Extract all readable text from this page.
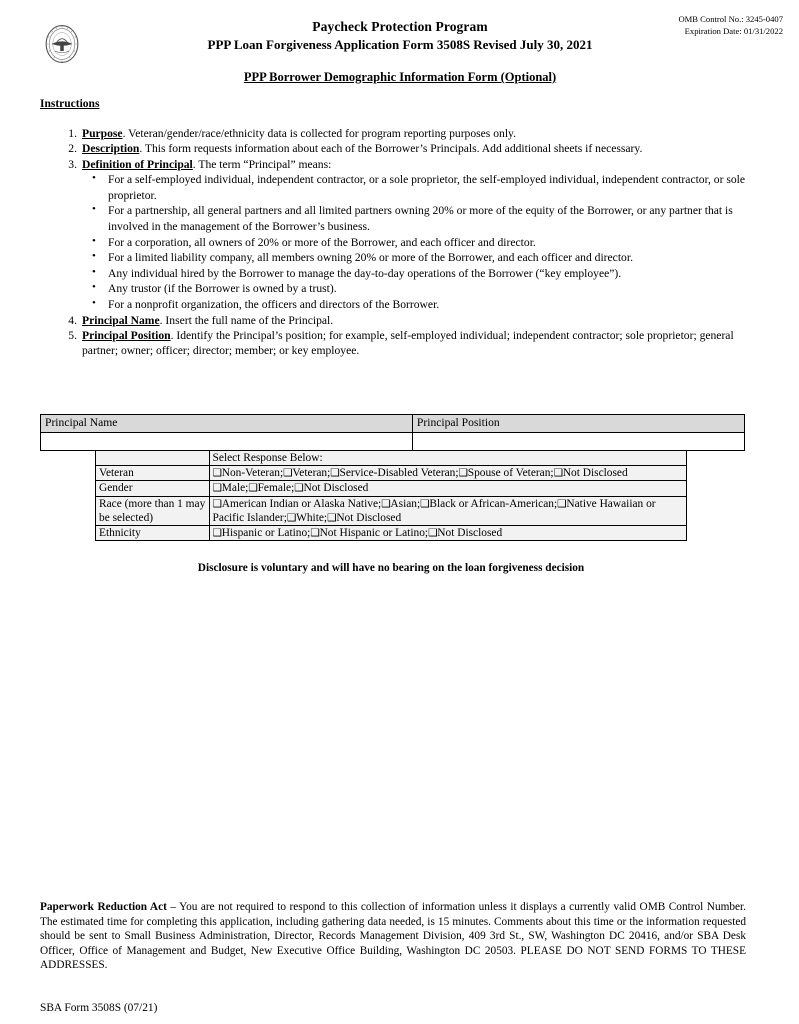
Paycheck Protection Program
PPP Loan Forgiveness Application Form 3508S Revised July 30, 2021
PPP Borrower Demographic Information Form (Optional)
OMB Control No.: 3245-0407
Expiration Date: 01/31/2022
Instructions
1. Purpose. Veteran/gender/race/ethnicity data is collected for program reporting purposes only.
2. Description. This form requests information about each of the Borrower’s Principals. Add additional sheets if necessary.
3. Definition of Principal. The term “Principal” means:
• For a self-employed individual, independent contractor, or a sole proprietor, the self-employed individual, independent contractor, or sole proprietor.
• For a partnership, all general partners and all limited partners owning 20% or more of the equity of the Borrower, or any partner that is involved in the management of the Borrower’s business.
• For a corporation, all owners of 20% or more of the Borrower, and each officer and director.
• For a limited liability company, all members owning 20% or more of the Borrower, and each officer and director.
• Any individual hired by the Borrower to manage the day-to-day operations of the Borrower (“key employee”).
• Any trustor (if the Borrower is owned by a trust).
• For a nonprofit organization, the officers and directors of the Borrower.
4. Principal Name. Insert the full name of the Principal.
5. Principal Position. Identify the Principal’s position; for example, self-employed individual; independent contractor; sole proprietor; general partner; owner; officer; director; member; or key employee.
Principal Name	Principal Position

	Select Response Below:
Veteran	❑Non-Veteran;❑Veteran;❑Service-Disabled Veteran;❑Spouse of Veteran;❑Not Disclosed
Gender	❑Male;❑Female;❑Not Disclosed
Race (more than 1 may be selected)	❑American Indian or Alaska Native;❑Asian;❑Black or African-American;❑Native Hawaiian or Pacific Islander;❑White;❑Not Disclosed
Ethnicity	❑Hispanic or Latino;❑Not Hispanic or Latino;❑Not Disclosed
Disclosure is voluntary and will have no bearing on the loan forgiveness decision
Paperwork Reduction Act – You are not required to respond to this collection of information unless it displays a currently valid OMB Control Number. The estimated time for completing this application, including gathering data needed, is 15 minutes. Comments about this time or the information requested should be sent to Small Business Administration, Director, Records Management Division, 409 3rd St., SW, Washington DC 20416, and/or SBA Desk Officer, Office of Management and Budget, New Executive Office Building, Washington DC 20503. PLEASE DO NOT SEND FORMS TO THESE ADDRESSES.
SBA Form 3508S (07/21)
